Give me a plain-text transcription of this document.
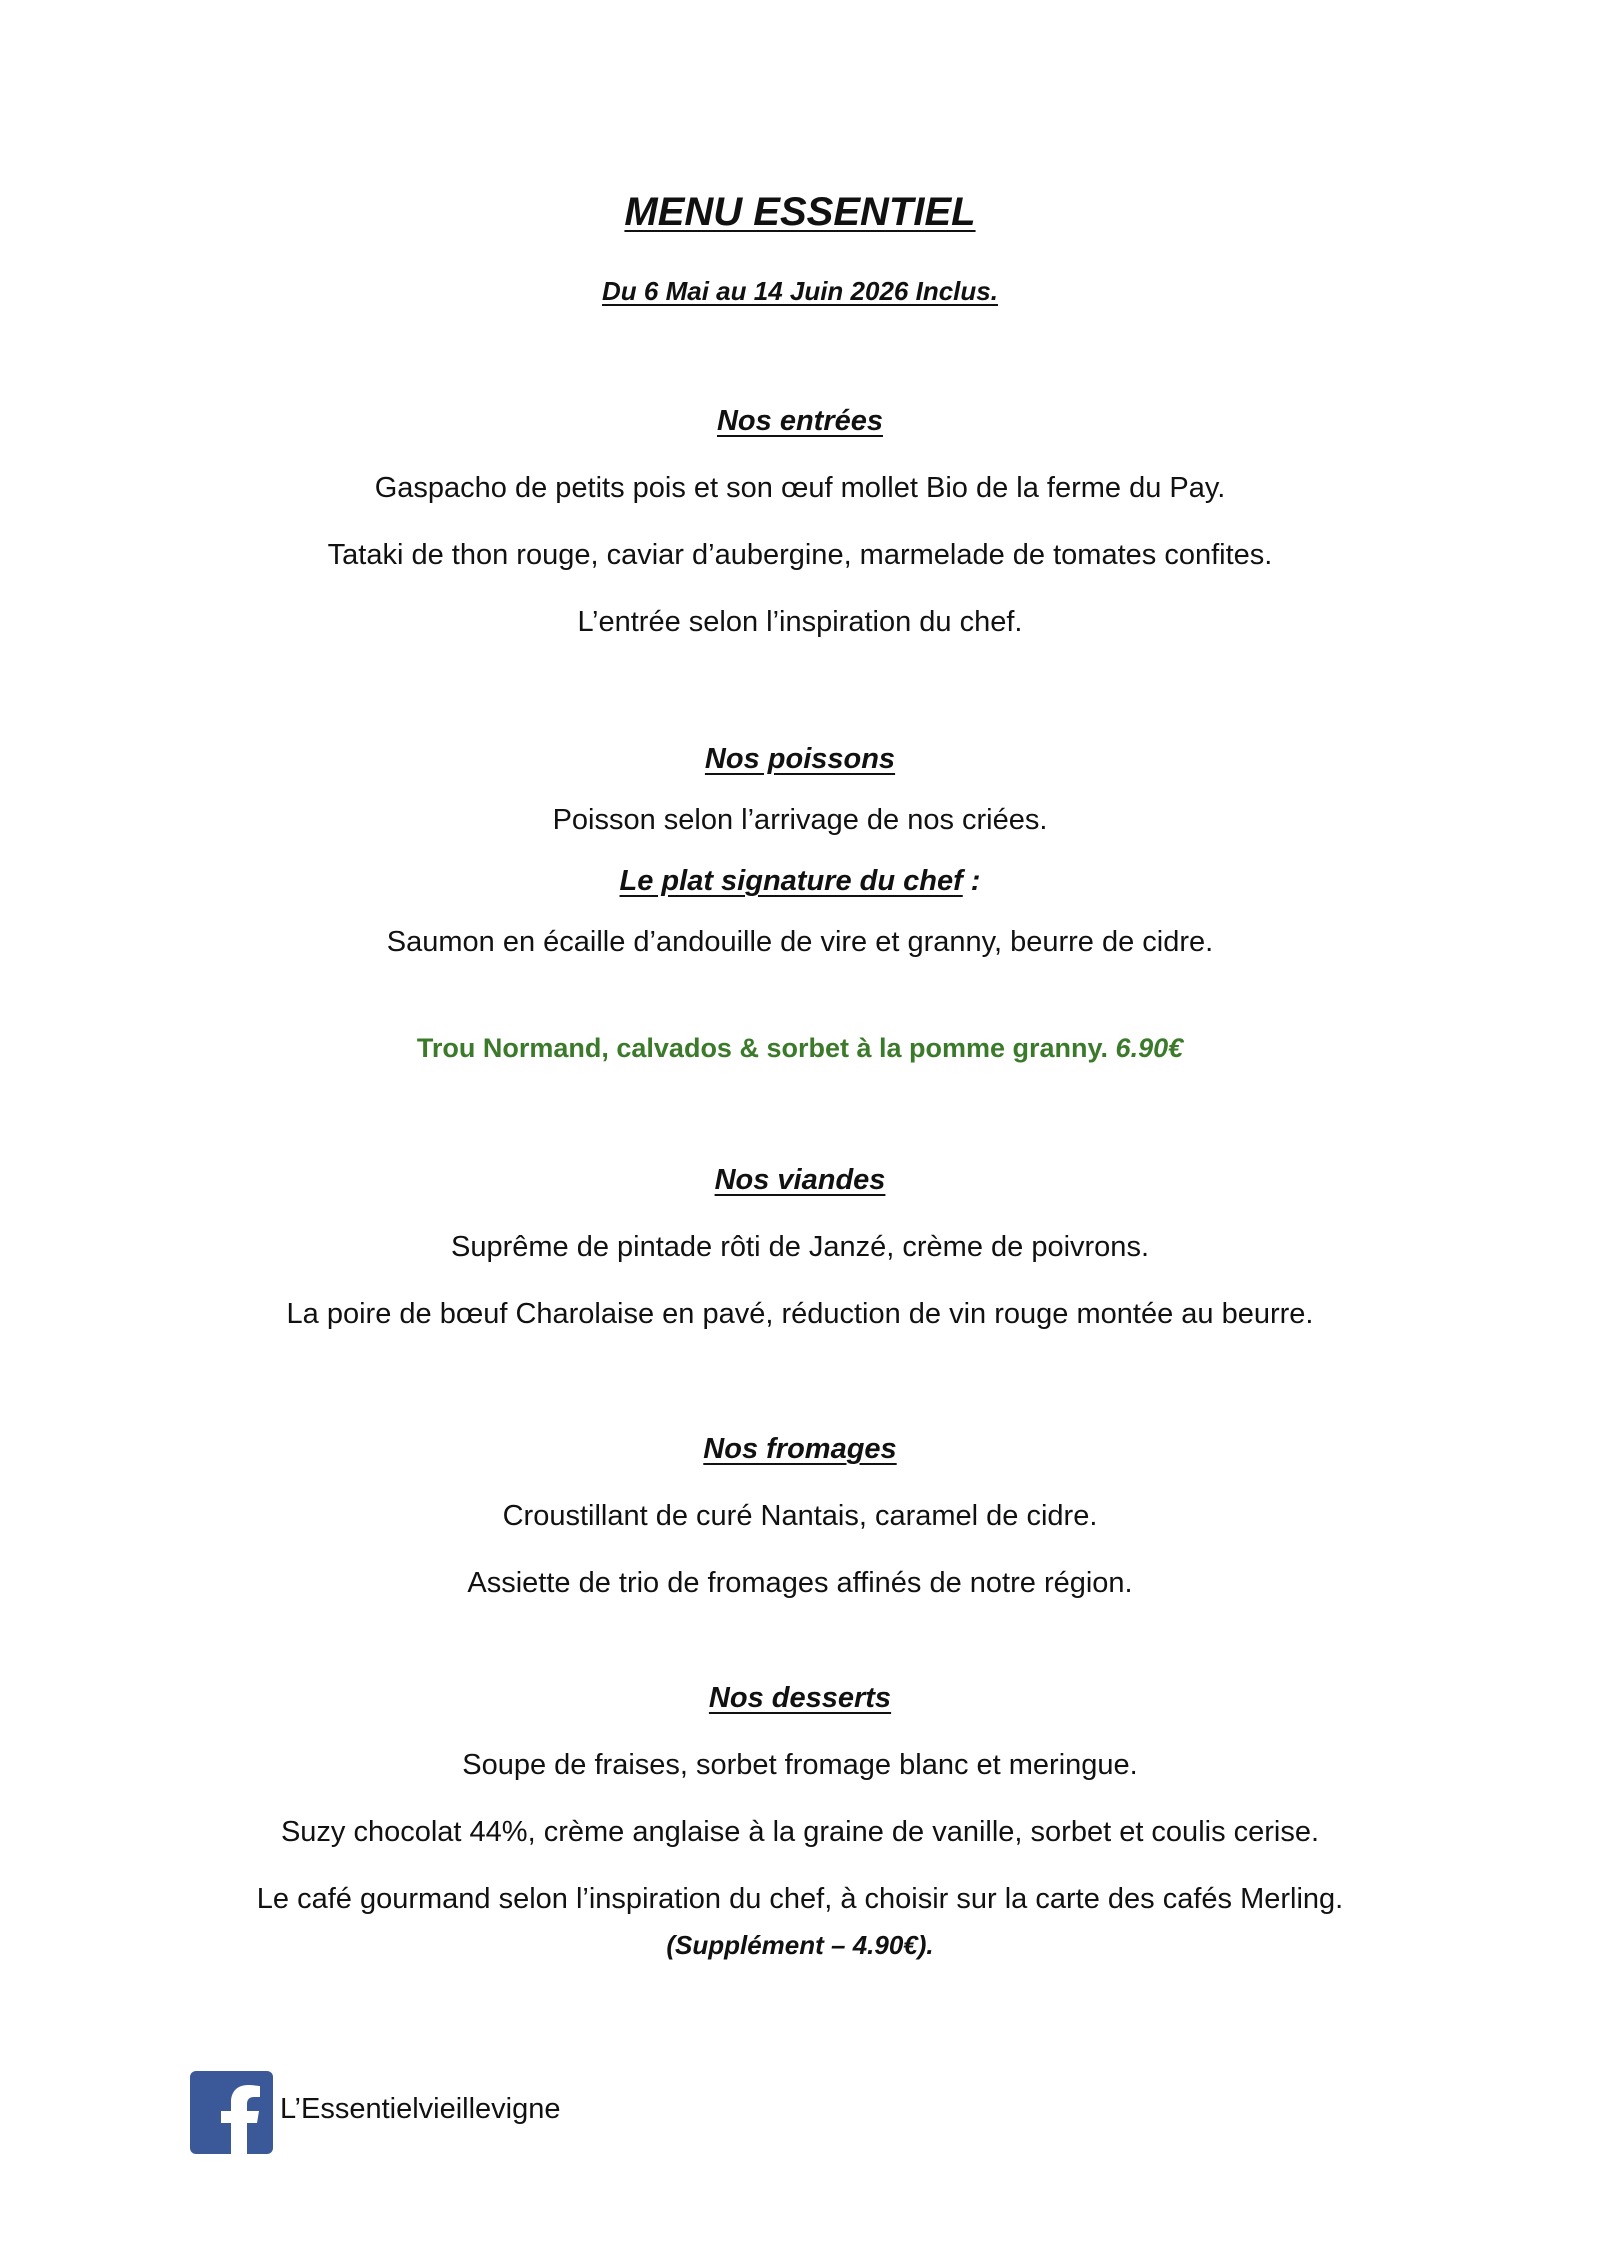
MENU ESSENTIEL
Du 6 Mai au 14 Juin 2026 Inclus.
Nos entrées
Gaspacho de petits pois et son œuf mollet Bio de la ferme du Pay.
Tataki de thon rouge, caviar d’aubergine, marmelade de tomates confites.
L’entrée selon l’inspiration du chef.
Nos poissons
Poisson selon l’arrivage de nos criées.
Le plat signature du chef :
Saumon en écaille d’andouille de vire et granny, beurre de cidre.
Trou Normand, calvados & sorbet à la pomme granny. 6.90€
Nos viandes
Suprême de pintade rôti de Janzé, crème de poivrons.
La poire de bœuf Charolaise en pavé, réduction de vin rouge montée au beurre.
Nos fromages
Croustillant de curé Nantais, caramel de cidre.
Assiette de trio de fromages affinés de notre région.
Nos desserts
Soupe de fraises, sorbet fromage blanc et meringue.
Suzy chocolat 44%, crème anglaise à la graine de vanille, sorbet et coulis cerise.
Le café gourmand selon l’inspiration du chef, à choisir sur la carte des cafés Merling.
(Supplément – 4.90€).
L’Essentielvieillevigne
